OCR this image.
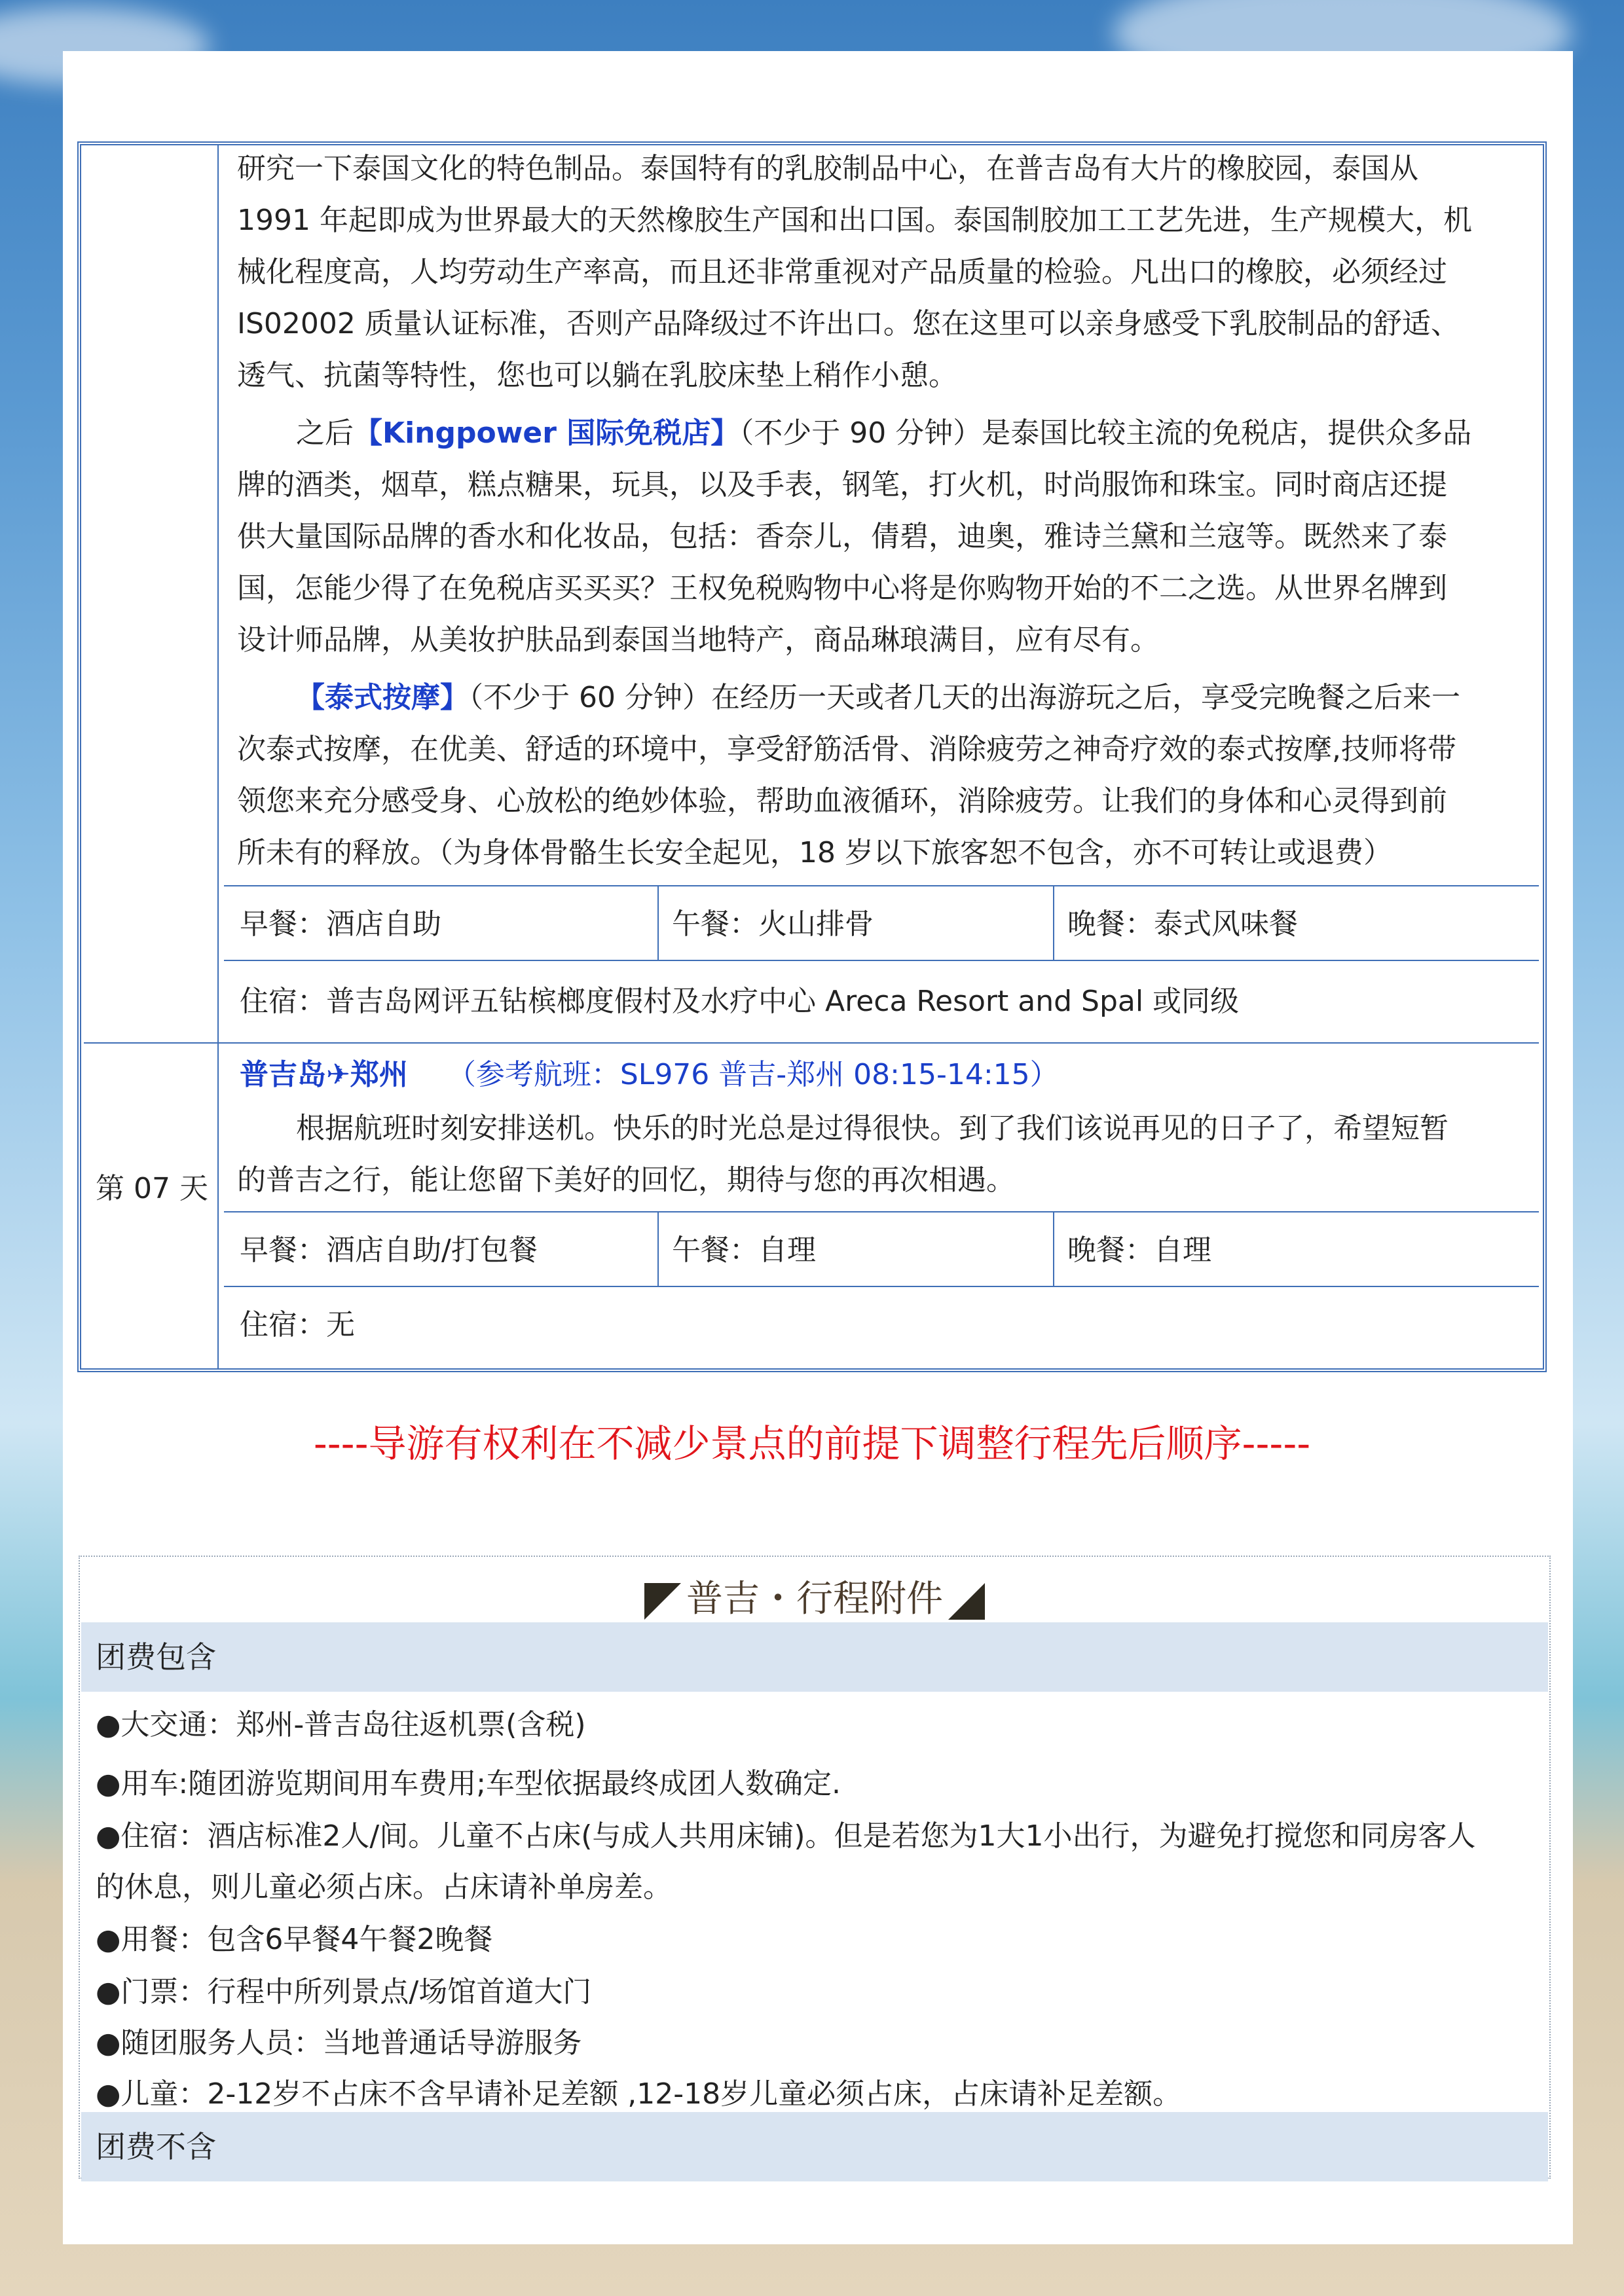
研究一下泰国文化的特色制品。泰国特有的乳胶制品中心，在普吉岛有大片的橡胶园，泰国从
1991 年起即成为世界最大的天然橡胶生产国和出口国。泰国制胶加工工艺先进，生产规模大，机
械化程度高，人均劳动生产率高，而且还非常重视对产品质量的检验。凡出口的橡胶，必须经过
IS02002 质量认证标准，否则产品降级过不许出口。您在这里可以亲身感受下乳胶制品的舒适、
透气、抗菌等特性，您也可以躺在乳胶床垫上稍作小憩。
之后【Kingpower 国际免税店】（不少于 90 分钟）是泰国比较主流的免税店，提供众多品
牌的酒类，烟草，糕点糖果，玩具，以及手表，钢笔，打火机，时尚服饰和珠宝。同时商店还提
供大量国际品牌的香水和化妆品，包括：香奈儿，倩碧，迪奥，雅诗兰黛和兰寇等。既然来了泰
国，怎能少得了在免税店买买买？王权免税购物中心将是你购物开始的不二之选。从世界名牌到
设计师品牌，从美妆护肤品到泰国当地特产，商品琳琅满目，应有尽有。
【泰式按摩】（不少于 60 分钟）在经历一天或者几天的出海游玩之后，享受完晚餐之后来一
次泰式按摩，在优美、舒适的环境中，享受舒筋活骨、消除疲劳之神奇疗效的泰式按摩,技师将带
领您来充分感受身、心放松的绝妙体验，帮助血液循环，消除疲劳。让我们的身体和心灵得到前
所未有的释放。（为身体骨骼生长安全起见，18 岁以下旅客恕不包含，亦不可转让或退费）
早餐：酒店自助	午餐：火山排骨	晚餐：泰式风味餐
住宿：普吉岛网评五钻槟榔度假村及水疗中心 Areca Resort and Spal 或同级
第 07 天
普吉岛✈郑州 （参考航班：SL976 普吉-郑州 08:15-14:15）
根据航班时刻安排送机。快乐的时光总是过得很快。到了我们该说再见的日子了，希望短暂
的普吉之行，能让您留下美好的回忆，期待与您的再次相遇。
早餐：酒店自助/打包餐	午餐：自理	晚餐：自理
住宿：无
----导游有权利在不减少景点的前提下调整行程先后顺序-----
普吉・行程附件
团费包含
●大交通：郑州-普吉岛往返机票(含税)
●用车:随团游览期间用车费用;车型依据最终成团人数确定.
●住宿：酒店标准2人/间。儿童不占床(与成人共用床铺)。但是若您为1大1小出行，为避免打搅您和同房客人
的休息，则儿童必须占床。占床请补单房差。
●用餐：包含6早餐4午餐2晚餐
●门票：行程中所列景点/场馆首道大门
●随团服务人员：当地普通话导游服务
●儿童：2-12岁不占床不含早请补足差额 ,12-18岁儿童必须占床，占床请补足差额。
团费不含
